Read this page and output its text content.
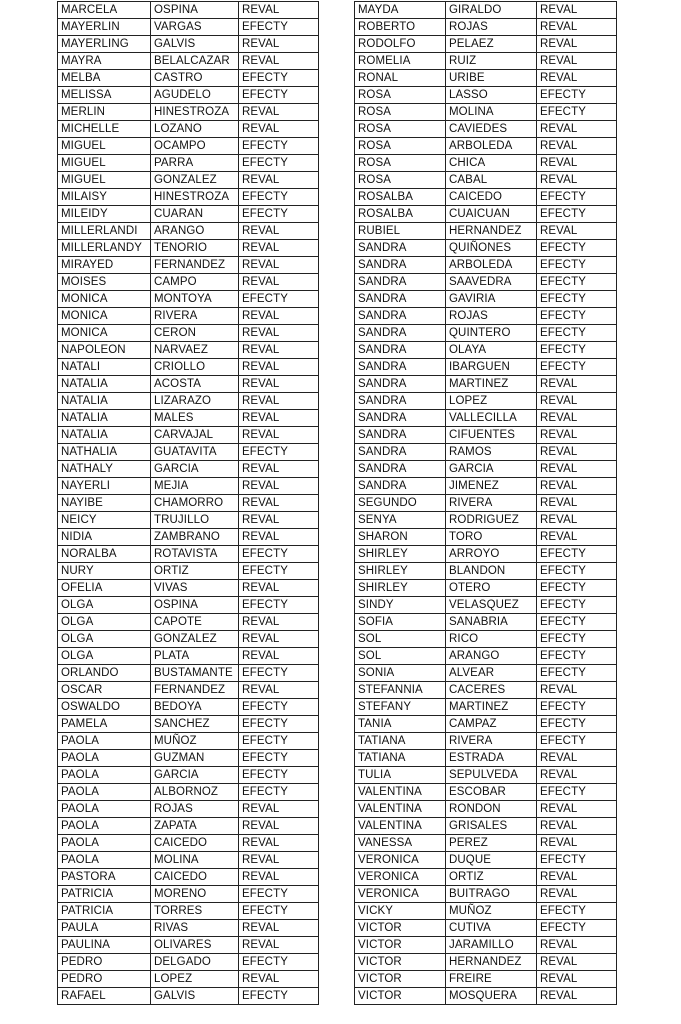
MARCELA	OSPINA	REVAL
MAYERLIN	VARGAS	EFECTY
MAYERLING	GALVIS	REVAL
MAYRA	BELALCAZAR	REVAL
MELBA	CASTRO	EFECTY
MELISSA	AGUDELO	EFECTY
MERLIN	HINESTROZA	REVAL
MICHELLE	LOZANO	REVAL
MIGUEL	OCAMPO	EFECTY
MIGUEL	PARRA	EFECTY
MIGUEL	GONZALEZ	REVAL
MILAISY	HINESTROZA	EFECTY
MILEIDY	CUARAN	EFECTY
MILLERLANDI	ARANGO	REVAL
MILLERLANDY	TENORIO	REVAL
MIRAYED	FERNANDEZ	REVAL
MOISES	CAMPO	REVAL
MONICA	MONTOYA	EFECTY
MONICA	RIVERA	REVAL
MONICA	CERON	REVAL
NAPOLEON	NARVAEZ	REVAL
NATALI	CRIOLLO	REVAL
NATALIA	ACOSTA	REVAL
NATALIA	LIZARAZO	REVAL
NATALIA	MALES	REVAL
NATALIA	CARVAJAL	REVAL
NATHALIA	GUATAVITA	EFECTY
NATHALY	GARCIA	REVAL
NAYERLI	MEJIA	REVAL
NAYIBE	CHAMORRO	REVAL
NEICY	TRUJILLO	REVAL
NIDIA	ZAMBRANO	REVAL
NORALBA	ROTAVISTA	EFECTY
NURY	ORTIZ	EFECTY
OFELIA	VIVAS	REVAL
OLGA	OSPINA	EFECTY
OLGA	CAPOTE	REVAL
OLGA	GONZALEZ	REVAL
OLGA	PLATA	REVAL
ORLANDO	BUSTAMANTE	EFECTY
OSCAR	FERNANDEZ	REVAL
OSWALDO	BEDOYA	EFECTY
PAMELA	SANCHEZ	EFECTY
PAOLA	MUÑOZ	EFECTY
PAOLA	GUZMAN	EFECTY
PAOLA	GARCIA	EFECTY
PAOLA	ALBORNOZ	EFECTY
PAOLA	ROJAS	REVAL
PAOLA	ZAPATA	REVAL
PAOLA	CAICEDO	REVAL
PAOLA	MOLINA	REVAL
PASTORA	CAICEDO	REVAL
PATRICIA	MORENO	EFECTY
PATRICIA	TORRES	EFECTY
PAULA	RIVAS	REVAL
PAULINA	OLIVARES	REVAL
PEDRO	DELGADO	EFECTY
PEDRO	LOPEZ	REVAL
RAFAEL	GALVIS	EFECTY
MAYDA	GIRALDO	REVAL
ROBERTO	ROJAS	REVAL
RODOLFO	PELAEZ	REVAL
ROMELIA	RUIZ	REVAL
RONAL	URIBE	REVAL
ROSA	LASSO	EFECTY
ROSA	MOLINA	EFECTY
ROSA	CAVIEDES	REVAL
ROSA	ARBOLEDA	REVAL
ROSA	CHICA	REVAL
ROSA	CABAL	REVAL
ROSALBA	CAICEDO	EFECTY
ROSALBA	CUAICUAN	EFECTY
RUBIEL	HERNANDEZ	REVAL
SANDRA	QUIÑONES	EFECTY
SANDRA	ARBOLEDA	EFECTY
SANDRA	SAAVEDRA	EFECTY
SANDRA	GAVIRIA	EFECTY
SANDRA	ROJAS	EFECTY
SANDRA	QUINTERO	EFECTY
SANDRA	OLAYA	EFECTY
SANDRA	IBARGUEN	EFECTY
SANDRA	MARTINEZ	REVAL
SANDRA	LOPEZ	REVAL
SANDRA	VALLECILLA	REVAL
SANDRA	CIFUENTES	REVAL
SANDRA	RAMOS	REVAL
SANDRA	GARCIA	REVAL
SANDRA	JIMENEZ	REVAL
SEGUNDO	RIVERA	REVAL
SENYA	RODRIGUEZ	REVAL
SHARON	TORO	REVAL
SHIRLEY	ARROYO	EFECTY
SHIRLEY	BLANDON	EFECTY
SHIRLEY	OTERO	EFECTY
SINDY	VELASQUEZ	EFECTY
SOFIA	SANABRIA	EFECTY
SOL	RICO	EFECTY
SOL	ARANGO	EFECTY
SONIA	ALVEAR	EFECTY
STEFANNIA	CACERES	REVAL
STEFANY	MARTINEZ	EFECTY
TANIA	CAMPAZ	EFECTY
TATIANA	RIVERA	EFECTY
TATIANA	ESTRADA	REVAL
TULIA	SEPULVEDA	REVAL
VALENTINA	ESCOBAR	EFECTY
VALENTINA	RONDON	REVAL
VALENTINA	GRISALES	REVAL
VANESSA	PEREZ	REVAL
VERONICA	DUQUE	EFECTY
VERONICA	ORTIZ	REVAL
VERONICA	BUITRAGO	REVAL
VICKY	MUÑOZ	EFECTY
VICTOR	CUTIVA	EFECTY
VICTOR	JARAMILLO	REVAL
VICTOR	HERNANDEZ	REVAL
VICTOR	FREIRE	REVAL
VICTOR	MOSQUERA	REVAL
